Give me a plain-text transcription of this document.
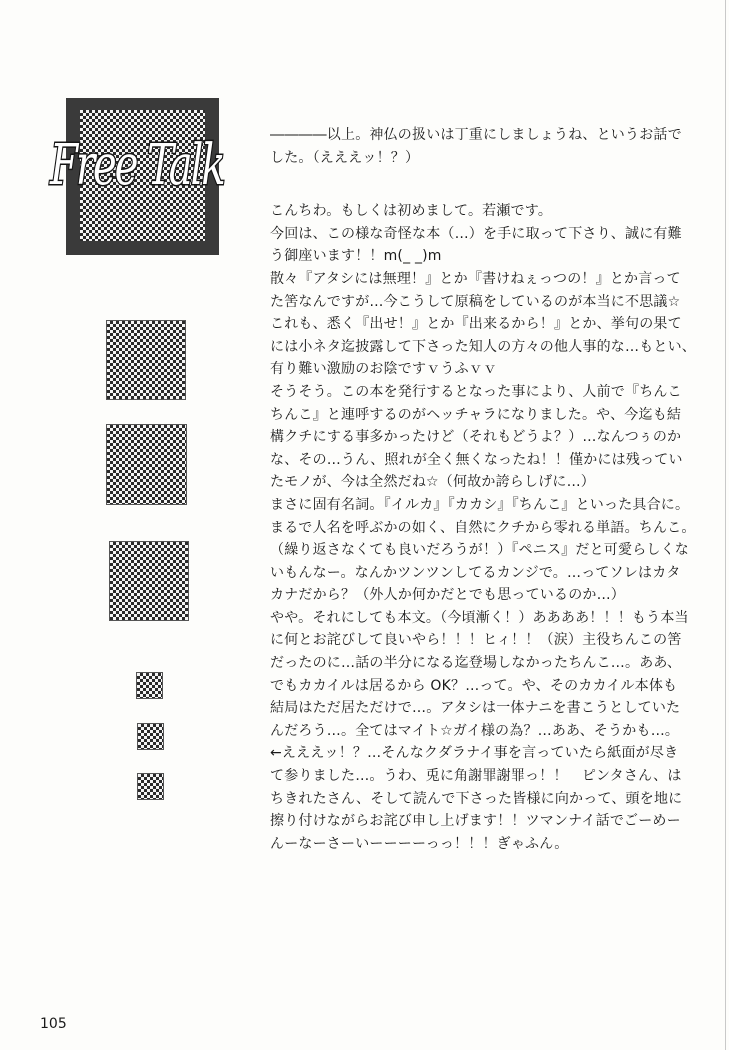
Free Talk	――――以上。神仏の扱いは丁重にしましょうね、というお話で
した。（えええッ！？）
こんちわ。もしくは初めまして。若瀬です。
今回は、この様な奇怪な本（…）を手に取って下さり、誠に有難
う御座います！！m(_ _)m
散々『アタシには無理！』とか『書けねぇっつの！』とか言って
た筈なんですが…今こうして原稿をしているのが本当に不思議☆
これも、悉く『出せ！』とか『出来るから！』とか、挙句の果て
には小ネタ迄披露して下さった知人の方々の他人事的な…もとい、
有り難い激励のお陰ですｖうふｖｖ
そうそう。この本を発行するとなった事により、人前で『ちんこ
ちんこ』と連呼するのがヘッチャラになりました。や、今迄も結
構クチにする事多かったけど（それもどうよ？）…なんつぅのか
な、その…うん、照れが全く無くなったね！！僅かには残ってい
たモノが、今は全然だね☆（何故か誇らしげに…）
まさに固有名詞。『イルカ』『カカシ』『ちんこ』といった具合に。
まるで人名を呼ぶかの如く、自然にクチから零れる単語。ちんこ。
（繰り返さなくても良いだろうが！）『ペニス』だと可愛らしくな
いもんなー。なんかツンツンしてるカンジで。…ってソレはカタ
カナだから？（外人か何かだとでも思っているのか…）
やや。それにしても本文。（今頃漸く！）ああああ！！！もう本当
に何とお詫びして良いやら！！！ヒィ！！（涙）主役ちんこの筈
だったのに…話の半分になる迄登場しなかったちんこ…。ああ、
でもカカイルは居るから OK？…って。や、そのカカイル本体も
結局はただ居ただけで…。アタシは一体ナニを書こうとしていた
んだろう…。全てはマイト☆ガイ様の為？…ああ、そうかも…。
←えええッ！？…そんなクダラナイ事を言っていたら紙面が尽き
て参りました…。うわ、兎に角謝罪謝罪っ！！　ピンタさん、は
ちきれたさん、そして読んで下さった皆様に向かって、頭を地に
擦り付けながらお詫び申し上げます！！ツマンナイ話でごーめー
んーなーさーいーーーーっっ！！！ぎゃふん。
105
